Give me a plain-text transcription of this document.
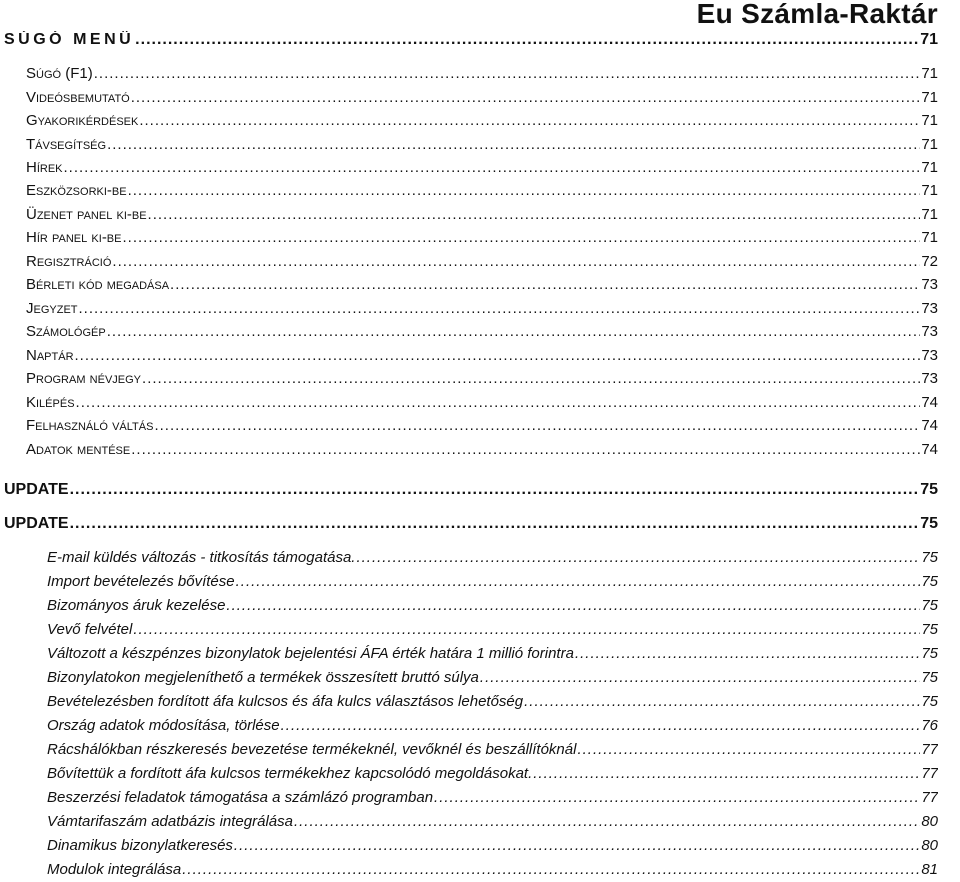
Eu Számla-Raktár
SÚGÓ MENÜ .....	71
Súgó (F1) .....	71
Videósbemutató .....	71
Gyakorikérdések .....	71
Távsegítség .....	71
Hírek .....	71
Eszközsorki-be .....	71
Üzenet panel ki-be .....	71
Hír panel ki-be .....	71
Regisztráció .....	72
Bérleti kód megadása .....	73
Jegyzet .....	73
Számológép .....	73
Naptár .....	73
Program névjegy .....	73
Kilépés .....	74
Felhasználó váltás .....	74
Adatok mentése .....	74
UPDATE .....	75
UPDATE .....	75
E-mail küldés változás - titkosítás támogatása. .....	75
Import bevételezés bővítése .....	75
Bizományos áruk kezelése .....	75
Vevő felvétel .....	75
Változott a készpénzes bizonylatok bejelentési ÁFA érték határa 1 millió forintra .....	75
Bizonylatokon megjeleníthető a termékek összesített bruttó súlya .....	75
Bevételezésben fordított áfa kulcsos és áfa kulcs választásos lehetőség .....	75
Ország adatok módosítása, törlése .....	76
Rácshálókban részkeresés bevezetése termékeknél, vevőknél és beszállítóknál .....	77
Bővítettük a fordított áfa kulcsos termékekhez kapcsolódó megoldásokat. .....	77
Beszerzési feladatok támogatása a számlázó programban .....	77
Vámtarifaszám adatbázis integrálása .....	80
Dinamikus bizonylatkeresés .....	80
Modulok integrálása .....	81
